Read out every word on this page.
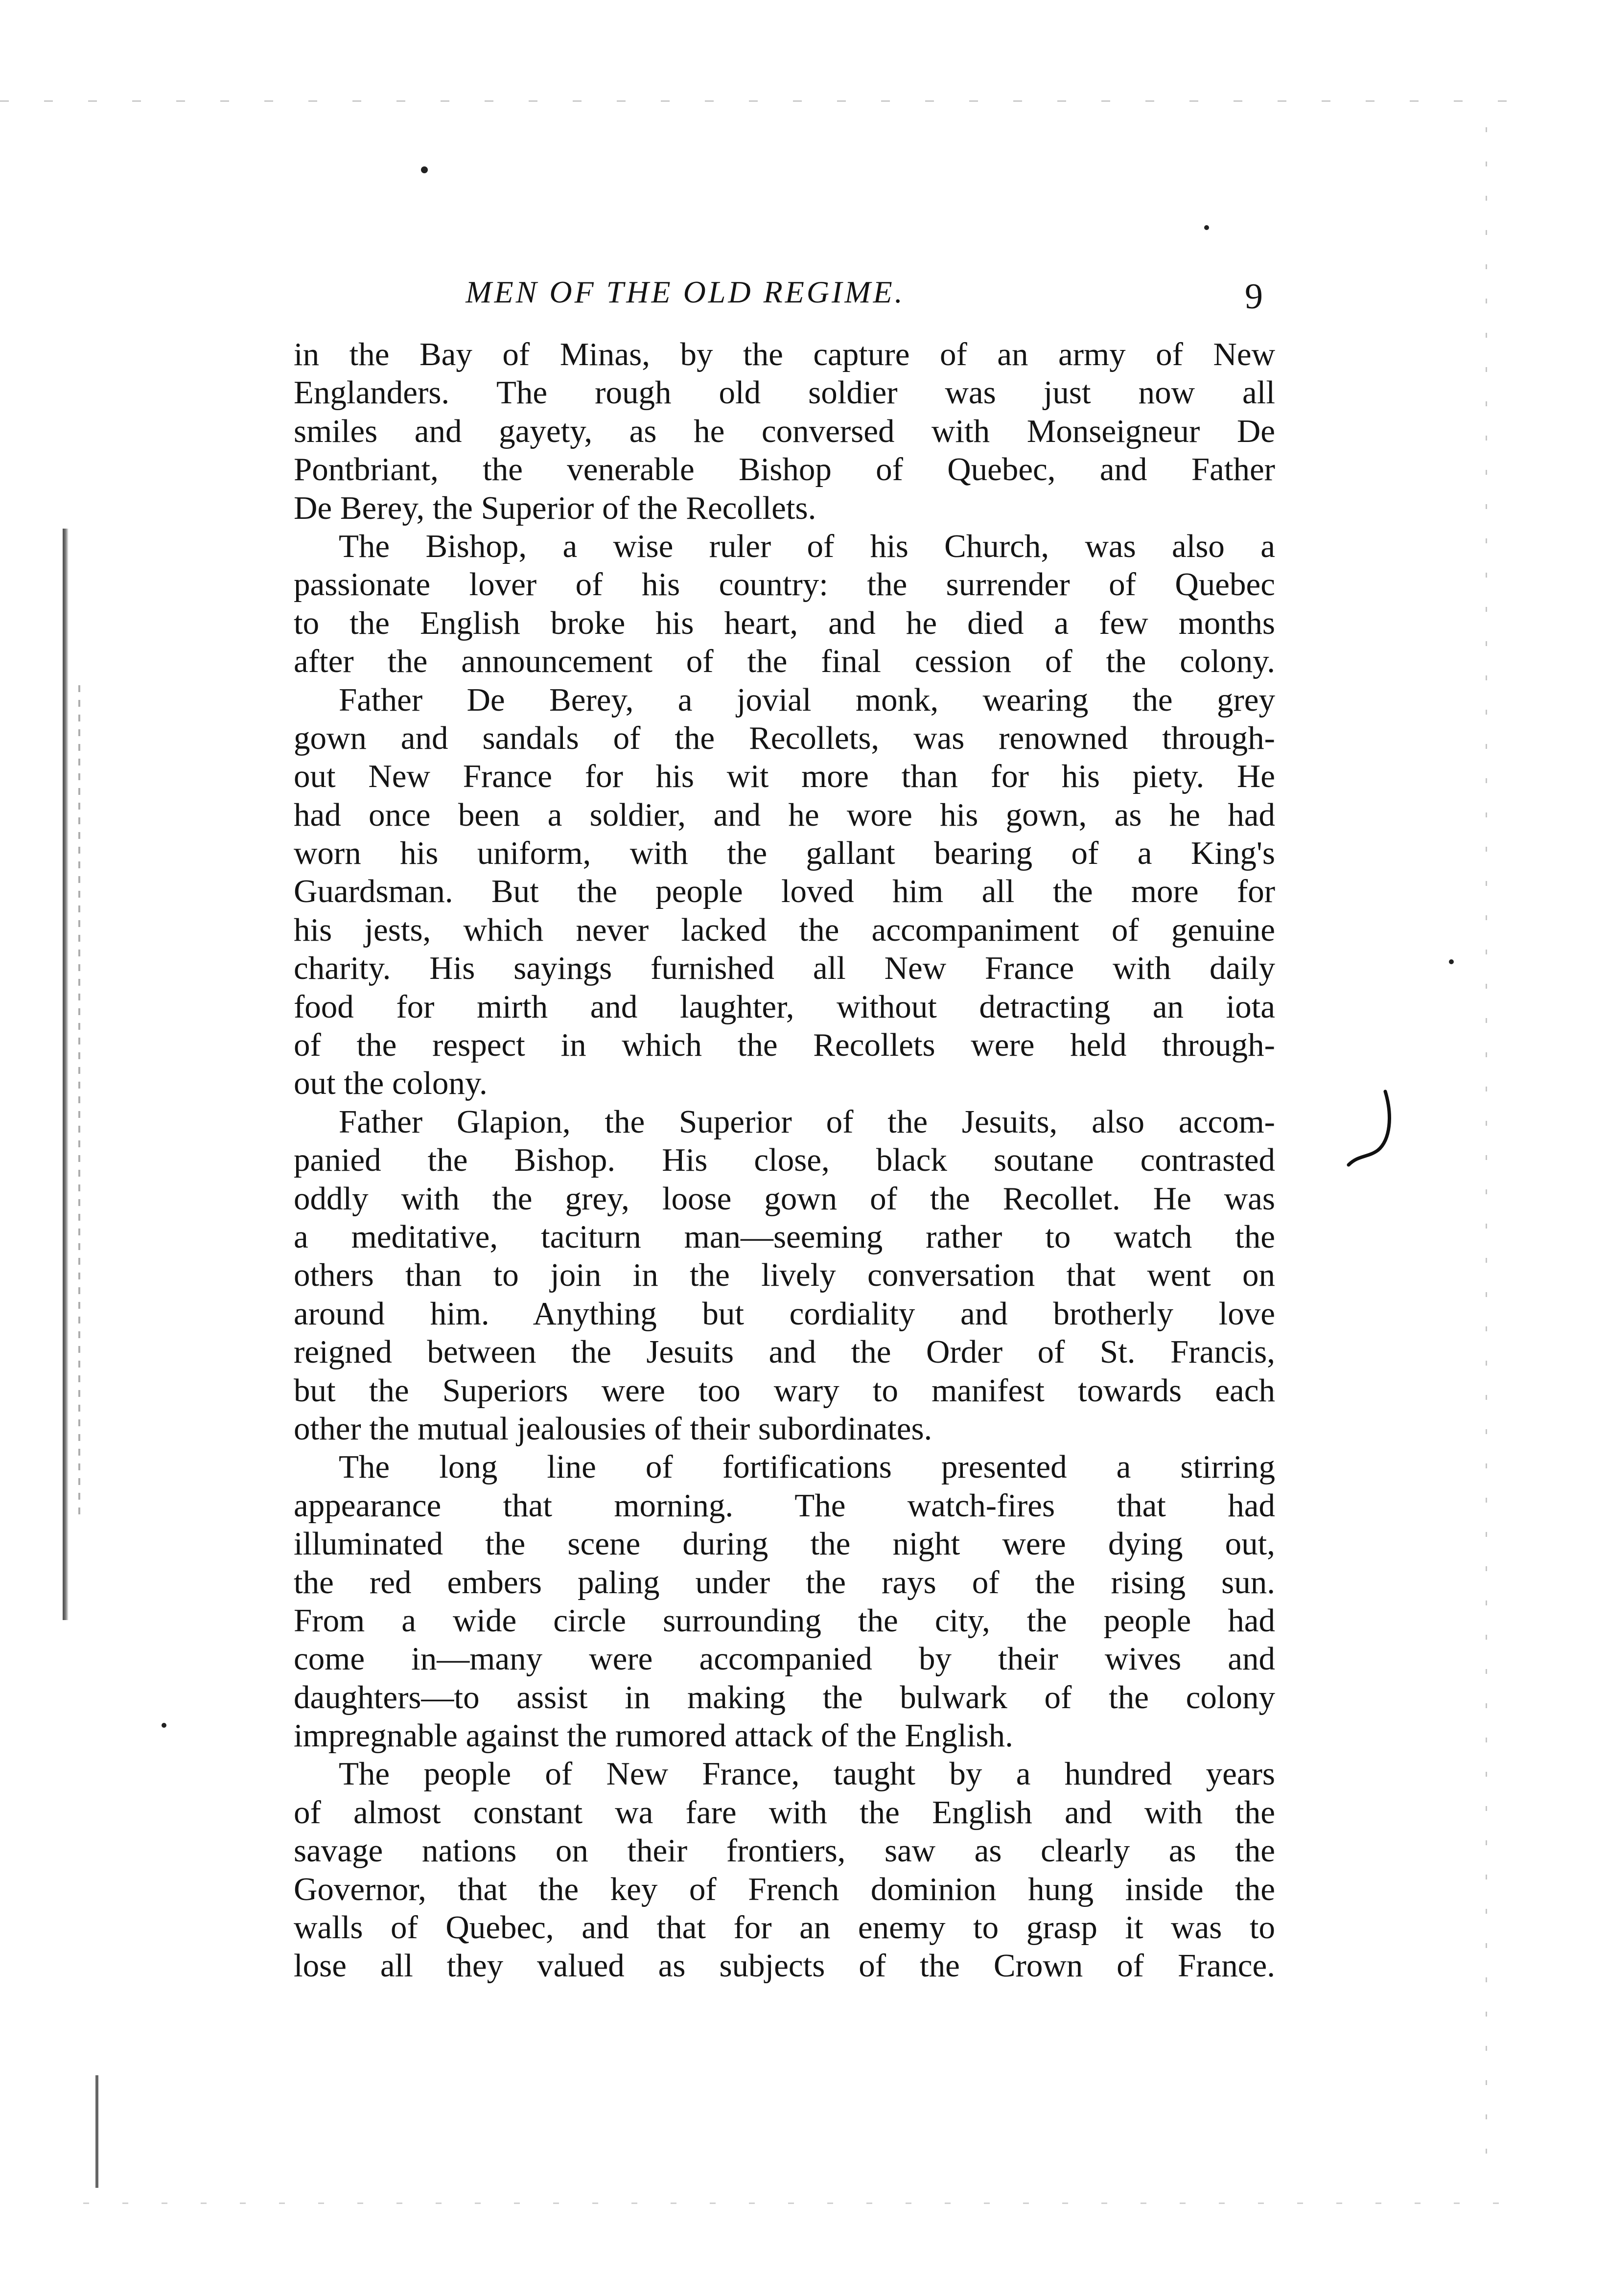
MEN OF THE OLD REGIME.	9
in the Bay of Minas, by the capture of an army of New
Englanders. The rough old soldier was just now all
smiles and gayety, as he conversed with Monseigneur De
Pontbriant, the venerable Bishop of Quebec, and Father
De Berey, the Superior of the Recollets.
The Bishop, a wise ruler of his Church, was also a
passionate lover of his country: the surrender of Quebec
to the English broke his heart, and he died a few months
after the announcement of the final cession of the colony.
Father De Berey, a jovial monk, wearing the grey
gown and sandals of the Recollets, was renowned through-
out New France for his wit more than for his piety. He
had once been a soldier, and he wore his gown, as he had
worn his uniform, with the gallant bearing of a King's
Guardsman. But the people loved him all the more for
his jests, which never lacked the accompaniment of genuine
charity. His sayings furnished all New France with daily
food for mirth and laughter, without detracting an iota
of the respect in which the Recollets were held through-
out the colony.
Father Glapion, the Superior of the Jesuits, also accom-
panied the Bishop. His close, black soutane contrasted
oddly with the grey, loose gown of the Recollet. He was
a meditative, taciturn man—seeming rather to watch the
others than to join in the lively conversation that went on
around him. Anything but cordiality and brotherly love
reigned between the Jesuits and the Order of St. Francis,
but the Superiors were too wary to manifest towards each
other the mutual jealousies of their subordinates.
The long line of fortifications presented a stirring
appearance that morning. The watch-fires that had
illuminated the scene during the night were dying out,
the red embers paling under the rays of the rising sun.
From a wide circle surrounding the city, the people had
come in—many were accompanied by their wives and
daughters—to assist in making the bulwark of the colony
impregnable against the rumored attack of the English.
The people of New France, taught by a hundred years
of almost constant wa fare with the English and with the
savage nations on their frontiers, saw as clearly as the
Governor, that the key of French dominion hung inside the
walls of Quebec, and that for an enemy to grasp it was to
lose all they valued as subjects of the Crown of France.
